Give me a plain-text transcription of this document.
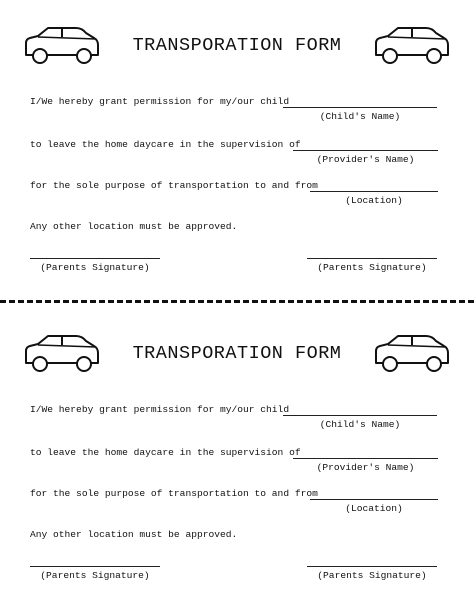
TRANSPORATION FORM
I/We hereby grant permission for my/our child
(Child's Name)
to leave the home daycare in the supervision of
(Provider's Name)
for the sole purpose of transportation to and from
(Location)
Any other location must be approved.
(Parents Signature)	(Parents Signature)
TRANSPORATION FORM
I/We hereby grant permission for my/our child
(Child's Name)
to leave the home daycare in the supervision of
(Provider's Name)
for the sole purpose of transportation to and from
(Location)
Any other location must be approved.
(Parents Signature)	(Parents Signature)
